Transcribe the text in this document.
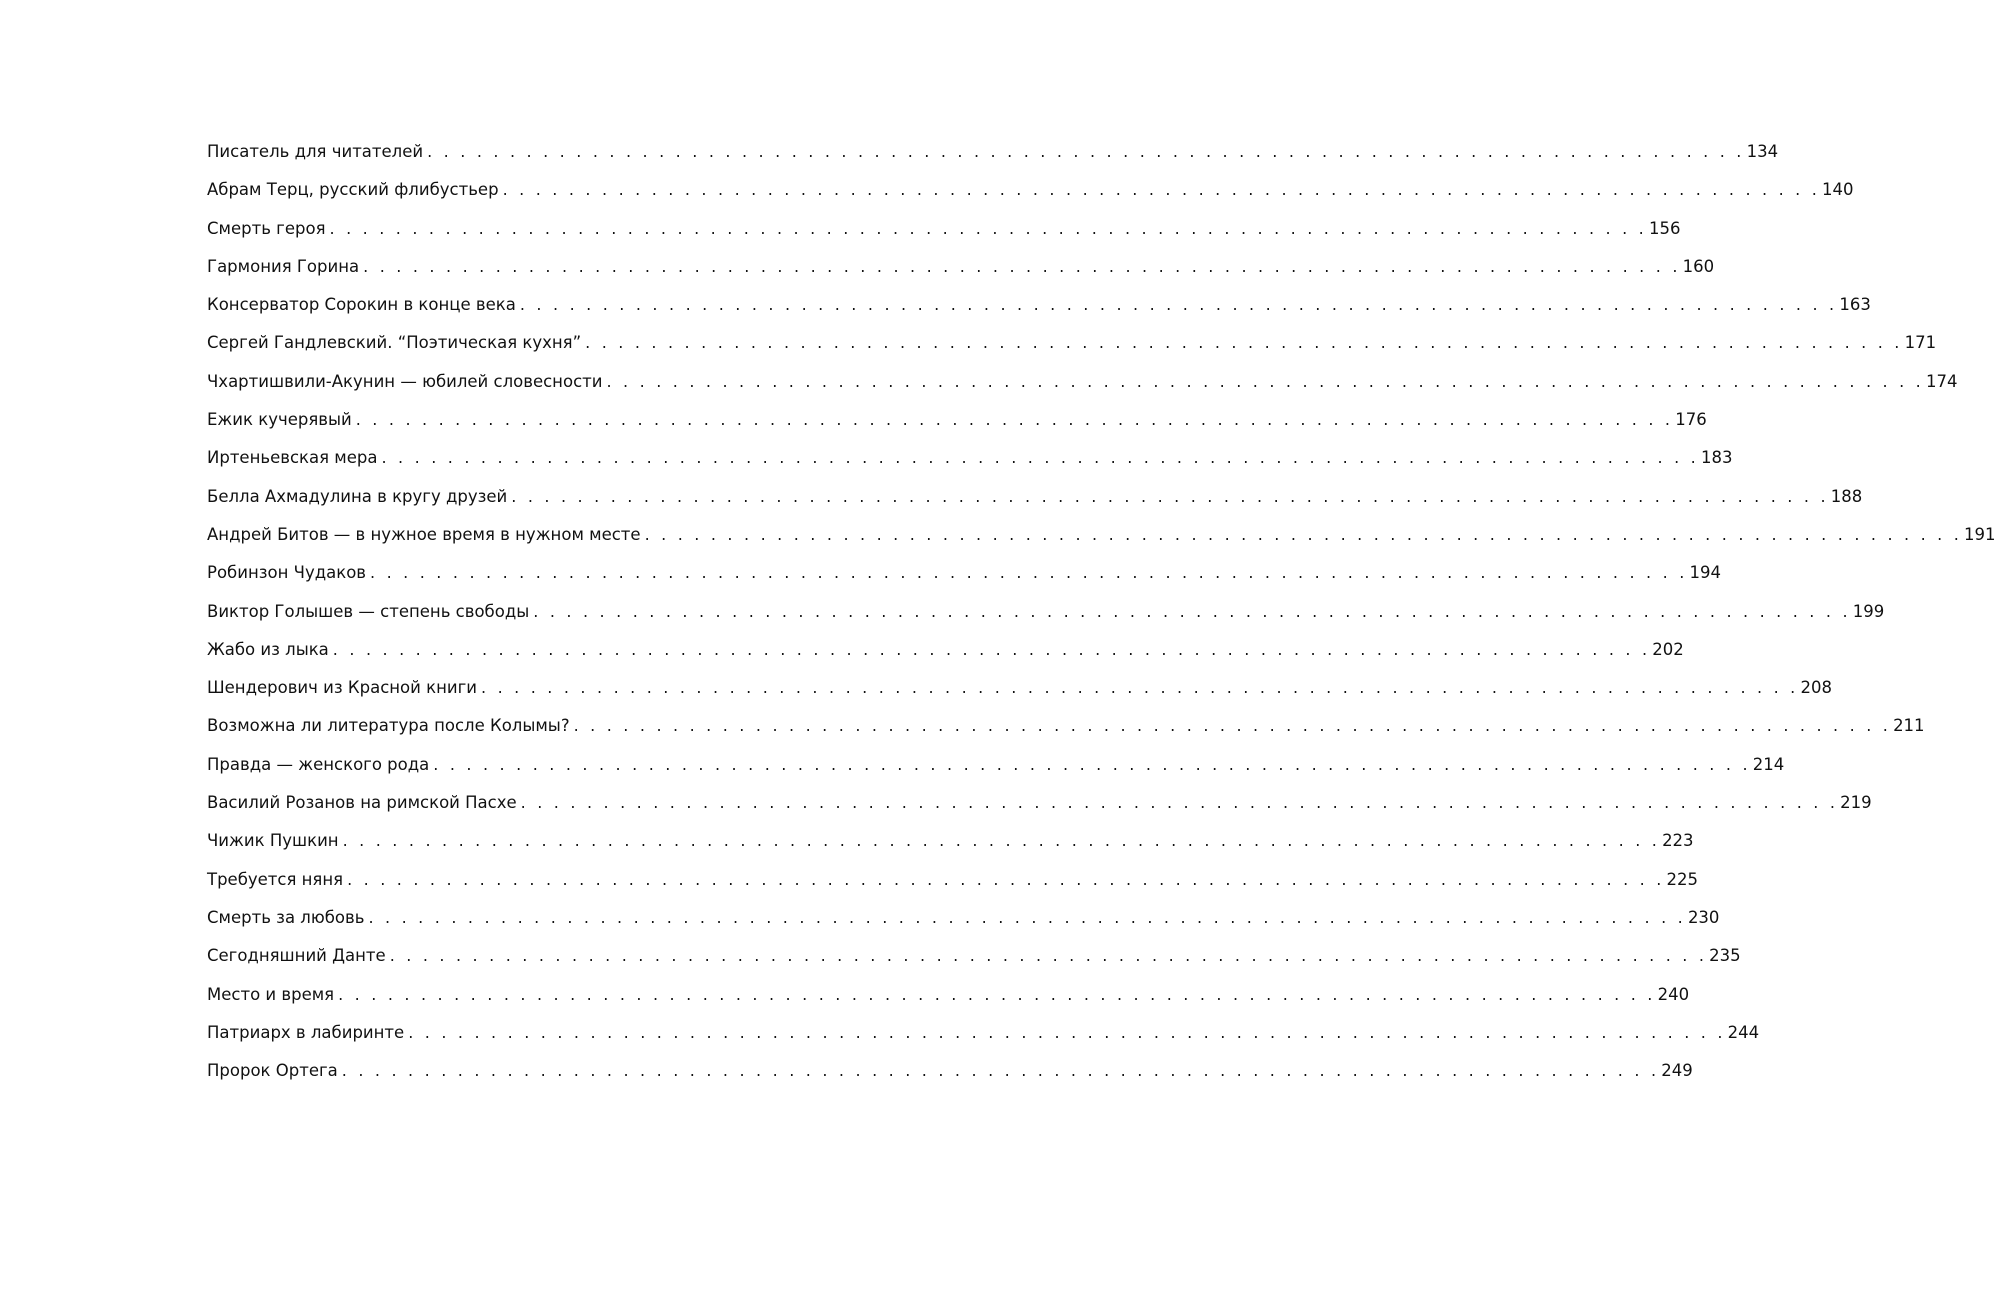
Писатель для читателей . . . . . . . . . . . . . . . . . . . . . . . . . . . . . . . . . . . . . . . . . . . . . . . . . . . . . . . . . . . . . . . . . . . . . . . . . . . . . . . . 134
Абрам Терц, русский флибустьер . . . . . . . . . . . . . . . . . . . . . . . . . . . . . . . . . . . . . . . . . . . . . . . . . . . . . . . . . . . . . . . . . . . . . . . . . . . . . . . . 140
Смерть героя . . . . . . . . . . . . . . . . . . . . . . . . . . . . . . . . . . . . . . . . . . . . . . . . . . . . . . . . . . . . . . . . . . . . . . . . . . . . . . . . 156
Гармония Горина . . . . . . . . . . . . . . . . . . . . . . . . . . . . . . . . . . . . . . . . . . . . . . . . . . . . . . . . . . . . . . . . . . . . . . . . . . . . . . . . 160
Консерватор Сорокин в конце века . . . . . . . . . . . . . . . . . . . . . . . . . . . . . . . . . . . . . . . . . . . . . . . . . . . . . . . . . . . . . . . . . . . . . . . . . . . . . . . . 163
Сергей Гандлевский. “Поэтическая кухня” . . . . . . . . . . . . . . . . . . . . . . . . . . . . . . . . . . . . . . . . . . . . . . . . . . . . . . . . . . . . . . . . . . . . . . . . . . . . . . . . 171
Чхартишвили-Акунин — юбилей словесности . . . . . . . . . . . . . . . . . . . . . . . . . . . . . . . . . . . . . . . . . . . . . . . . . . . . . . . . . . . . . . . . . . . . . . . . . . . . . . . . 174
Ежик кучерявый . . . . . . . . . . . . . . . . . . . . . . . . . . . . . . . . . . . . . . . . . . . . . . . . . . . . . . . . . . . . . . . . . . . . . . . . . . . . . . . . 176
Иртеньевская мера . . . . . . . . . . . . . . . . . . . . . . . . . . . . . . . . . . . . . . . . . . . . . . . . . . . . . . . . . . . . . . . . . . . . . . . . . . . . . . . . 183
Белла Ахмадулина в кругу друзей . . . . . . . . . . . . . . . . . . . . . . . . . . . . . . . . . . . . . . . . . . . . . . . . . . . . . . . . . . . . . . . . . . . . . . . . . . . . . . . . 188
Андрей Битов — в нужное время в нужном месте . . . . . . . . . . . . . . . . . . . . . . . . . . . . . . . . . . . . . . . . . . . . . . . . . . . . . . . . . . . . . . . . . . . . . . . . . . . . . . . . 191
Робинзон Чудаков . . . . . . . . . . . . . . . . . . . . . . . . . . . . . . . . . . . . . . . . . . . . . . . . . . . . . . . . . . . . . . . . . . . . . . . . . . . . . . . . 194
Виктор Голышев — степень свободы . . . . . . . . . . . . . . . . . . . . . . . . . . . . . . . . . . . . . . . . . . . . . . . . . . . . . . . . . . . . . . . . . . . . . . . . . . . . . . . . 199
Жабо из лыка . . . . . . . . . . . . . . . . . . . . . . . . . . . . . . . . . . . . . . . . . . . . . . . . . . . . . . . . . . . . . . . . . . . . . . . . . . . . . . . . 202
Шендерович из Красной книги . . . . . . . . . . . . . . . . . . . . . . . . . . . . . . . . . . . . . . . . . . . . . . . . . . . . . . . . . . . . . . . . . . . . . . . . . . . . . . . . 208
Возможна ли литература после Колымы? . . . . . . . . . . . . . . . . . . . . . . . . . . . . . . . . . . . . . . . . . . . . . . . . . . . . . . . . . . . . . . . . . . . . . . . . . . . . . . . . 211
Правда — женского рода . . . . . . . . . . . . . . . . . . . . . . . . . . . . . . . . . . . . . . . . . . . . . . . . . . . . . . . . . . . . . . . . . . . . . . . . . . . . . . . . 214
Василий Розанов на римской Пасхе . . . . . . . . . . . . . . . . . . . . . . . . . . . . . . . . . . . . . . . . . . . . . . . . . . . . . . . . . . . . . . . . . . . . . . . . . . . . . . . . 219
Чижик Пушкин . . . . . . . . . . . . . . . . . . . . . . . . . . . . . . . . . . . . . . . . . . . . . . . . . . . . . . . . . . . . . . . . . . . . . . . . . . . . . . . . 223
Требуется няня . . . . . . . . . . . . . . . . . . . . . . . . . . . . . . . . . . . . . . . . . . . . . . . . . . . . . . . . . . . . . . . . . . . . . . . . . . . . . . . . 225
Смерть за любовь . . . . . . . . . . . . . . . . . . . . . . . . . . . . . . . . . . . . . . . . . . . . . . . . . . . . . . . . . . . . . . . . . . . . . . . . . . . . . . . . 230
Сегодняшний Данте . . . . . . . . . . . . . . . . . . . . . . . . . . . . . . . . . . . . . . . . . . . . . . . . . . . . . . . . . . . . . . . . . . . . . . . . . . . . . . . . 235
Место и время . . . . . . . . . . . . . . . . . . . . . . . . . . . . . . . . . . . . . . . . . . . . . . . . . . . . . . . . . . . . . . . . . . . . . . . . . . . . . . . . 240
Патриарх в лабиринте . . . . . . . . . . . . . . . . . . . . . . . . . . . . . . . . . . . . . . . . . . . . . . . . . . . . . . . . . . . . . . . . . . . . . . . . . . . . . . . . 244
Пророк Ортега . . . . . . . . . . . . . . . . . . . . . . . . . . . . . . . . . . . . . . . . . . . . . . . . . . . . . . . . . . . . . . . . . . . . . . . . . . . . . . . . 249
